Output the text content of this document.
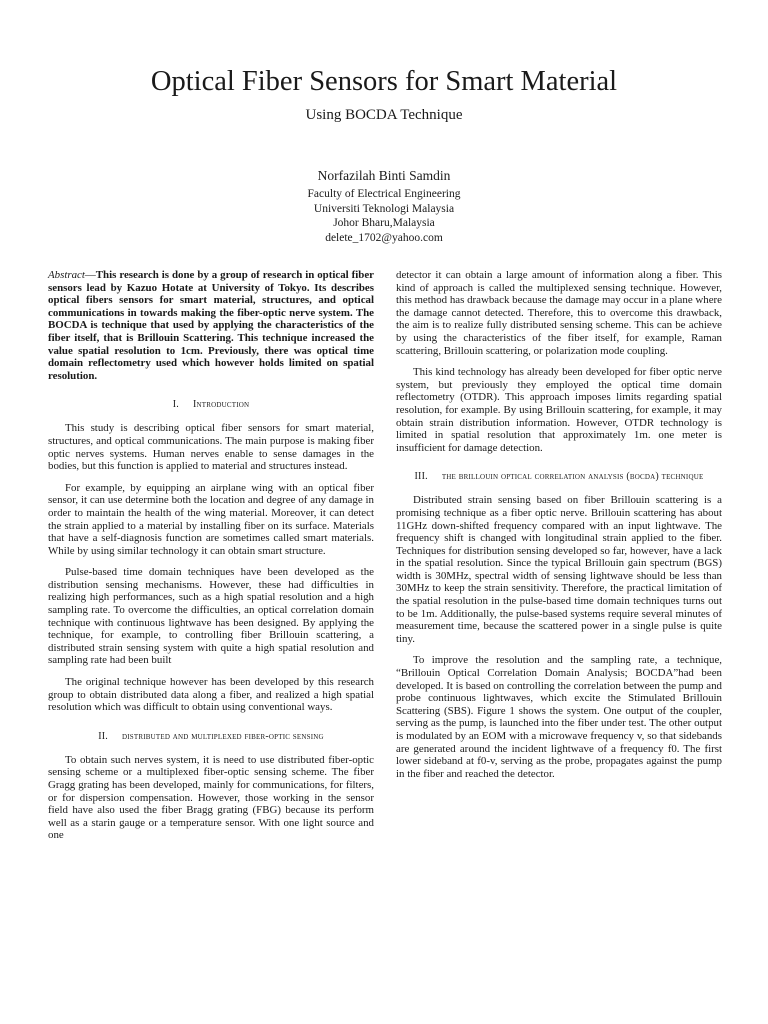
Optical Fiber Sensors for Smart Material
Using BOCDA Technique
Norfazilah Binti Samdin
Faculty of Electrical Engineering
Universiti Teknologi Malaysia
Johor Bharu,Malaysia
delete_1702@yahoo.com

Abstract—This research is done by a group of research in optical fiber sensors lead by Kazuo Hotate at University of Tokyo. Its describes optical fibers sensors for smart material, structures, and optical communications in towards making the fiber-optic nerve system. The BOCDA is technique that used by applying the characteristics of the fiber itself, that is Brillouin Scattering. This technique increased the value spatial resolution to 1cm. Previously, there was optical time domain reflectometry used which however holds limited on spatial resolution.

I. Introduction

This study is describing optical fiber sensors for smart material, structures, and optical communications. The main purpose is making fiber optic nerves systems. Human nerves enable to sense damages in the bodies, but this function is applied to material and structures instead.

For example, by equipping an airplane wing with an optical fiber sensor, it can use determine both the location and degree of any damage in order to maintain the health of the wing material. Moreover, it can detect the strain applied to a material by installing fiber on its surface. Materials that have a self-diagnosis function are sometimes called smart materials. While by using similar technology it can obtain smart structure.

Pulse-based time domain techniques have been developed as the distribution sensing mechanisms. However, these had difficulties in realizing high performances, such as a high spatial resolution and a high sampling rate. To overcome the difficulties, an optical correlation domain technique with continuous lightwave has been designed. By applying the technique, for example, to controlling fiber Brillouin scattering, a distributed strain sensing system with quite a high spatial resolution and sampling rate had been built

The original technique however has been developed by this research group to obtain distributed data along a fiber, and realized a high spatial resolution which was difficult to obtain using conventional ways.

II. distributed and multiplexed fiber-optic sensing

To obtain such nerves system, it is need to use distributed fiber-optic sensing scheme or a multiplexed fiber-optic sensing scheme. The fiber Gragg grating has been developed, mainly for communications, for filters, or for dispersion compensation. However, those working in the sensor field have also used the fiber Bragg grating (FBG) because its perform well as a starin gauge or a temperature sensor. With one light source and one

detector it can obtain a large amount of information along a fiber. This kind of approach is called the multiplexed sensing technique. However, this method has drawback because the damage may occur in a plane where the damage cannot detected. Therefore, this to overcome this drawback, the aim is to realize fully distributed sensing scheme. This can be achieve by using the characteristics of the fiber itself, for example, Raman scattering, Brillouin scattering, or polarization mode coupling.

This kind technology has already been developed for fiber optic nerve system, but previously they employed the optical time domain reflectometry (OTDR). This approach imposes limits regarding spatial resolution, for example. By using Brillouin scattering, for example, it may obtain strain distribution information. However, OTDR technology is limited in spatial resolution that approximately 1m. one meter is insufficient for damage detection.

III. the brillouin optical correlation analysis (bocda) technique

Distributed strain sensing based on fiber Brillouin scattering is a promising technique as a fiber optic nerve. Brillouin scattering has about 11GHz down-shifted frequency compared with an input lightwave. The frequency shift is changed with longitudinal strain applied to the fiber. Techniques for distribution sensing developed so far, however, have a lack in the spatial resolution. Since the typical Brillouin gain spectrum (BGS) width is 30MHz, spectral width of sensing lightwave should be less than 30MHz to keep the strain sensitivity. Therefore, the practical limitation of the spatial resolution in the pulse-based time domain techniques turns out to be 1m. Additionally, the pulse-based systems require several minutes of measurement time, because the scattered power in a single pulse is quite tiny.

To improve the resolution and the sampling rate, a technique, “Brillouin Optical Correlation Domain Analysis; BOCDA”had been developed. It is based on controlling the correlation between the pump and probe continuous lightwaves, which excite the Stimulated Brillouin Scattering (SBS). Figure 1 shows the system. One output of the coupler, serving as the pump, is launched into the fiber under test. The other output is modulated by an EOM with a microwave frequency v, so that sidebands are generated around the incident lightwave of a frequency f0. The first lower sideband at f0-v, serving as the probe, propagates against the pump in the fiber and reached the detector.
